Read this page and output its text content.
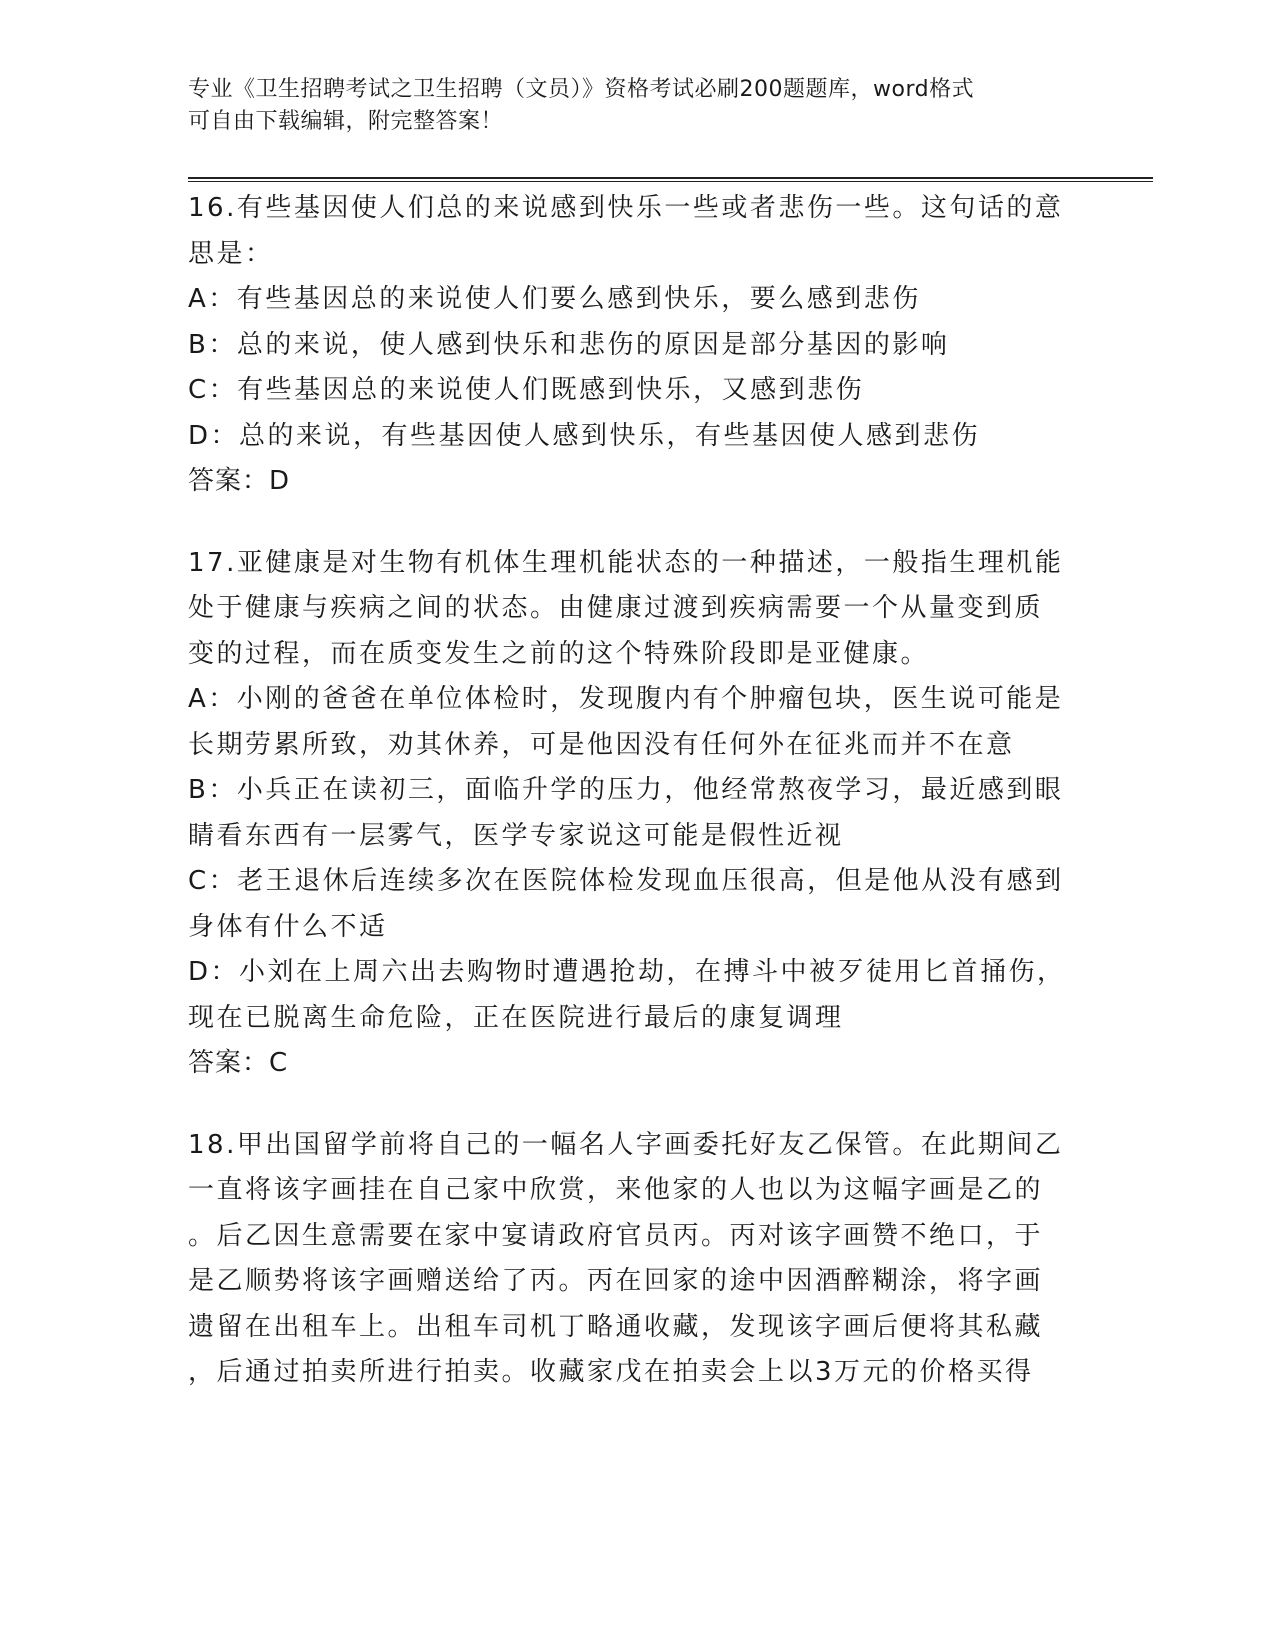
专业《卫生招聘考试之卫生招聘（文员）》资格考试必刷200题题库，word格式
可自由下载编辑，附完整答案！
16.有些基因使人们总的来说感到快乐一些或者悲伤一些。这句话的意
思是：
A：有些基因总的来说使人们要么感到快乐，要么感到悲伤
B：总的来说，使人感到快乐和悲伤的原因是部分基因的影响
C：有些基因总的来说使人们既感到快乐，又感到悲伤
D：总的来说，有些基因使人感到快乐，有些基因使人感到悲伤
答案：D
17.亚健康是对生物有机体生理机能状态的一种描述，一般指生理机能
处于健康与疾病之间的状态。由健康过渡到疾病需要一个从量变到质
变的过程，而在质变发生之前的这个特殊阶段即是亚健康。
A：小刚的爸爸在单位体检时，发现腹内有个肿瘤包块，医生说可能是
长期劳累所致，劝其休养，可是他因没有任何外在征兆而并不在意
B：小兵正在读初三，面临升学的压力，他经常熬夜学习，最近感到眼
睛看东西有一层雾气，医学专家说这可能是假性近视
C：老王退休后连续多次在医院体检发现血压很高，但是他从没有感到
身体有什么不适
D：小刘在上周六出去购物时遭遇抢劫，在搏斗中被歹徒用匕首捅伤，
现在已脱离生命危险，正在医院进行最后的康复调理
答案：C
18.甲出国留学前将自己的一幅名人字画委托好友乙保管。在此期间乙
一直将该字画挂在自己家中欣赏，来他家的人也以为这幅字画是乙的
。后乙因生意需要在家中宴请政府官员丙。丙对该字画赞不绝口，于
是乙顺势将该字画赠送给了丙。丙在回家的途中因酒醉糊涂，将字画
遗留在出租车上。出租车司机丁略通收藏，发现该字画后便将其私藏
，后通过拍卖所进行拍卖。收藏家戊在拍卖会上以3万元的价格买得
